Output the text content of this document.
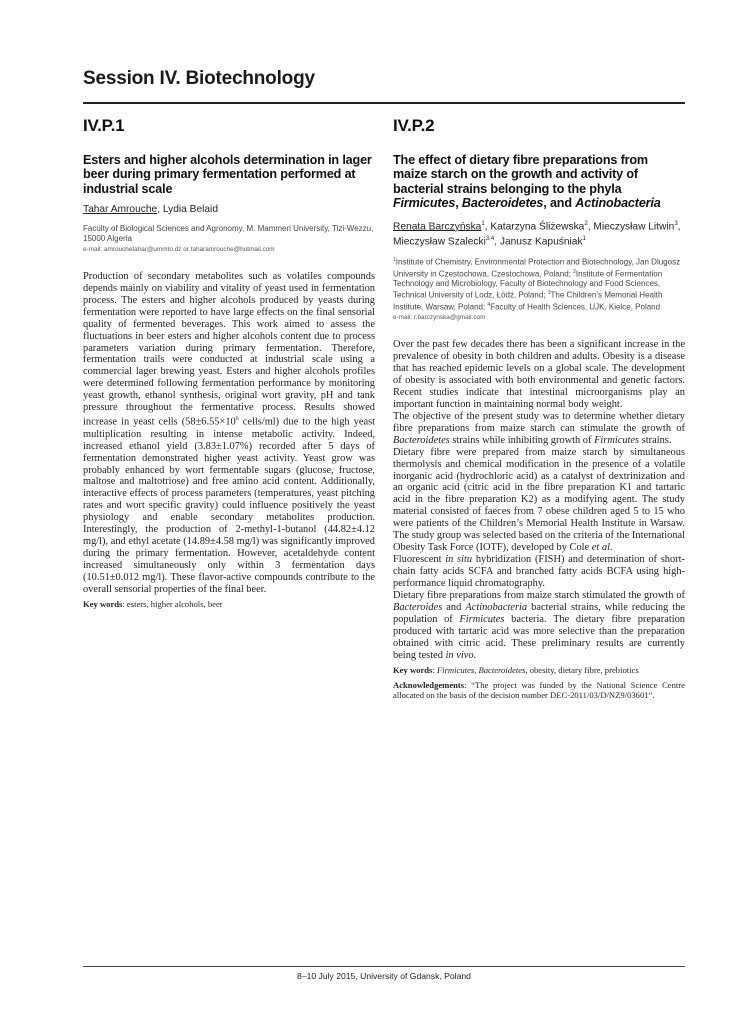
Session IV. Biotechnology
IV.P.1
Esters and higher alcohols determination in lager beer during primary fermentation performed at industrial scale
Tahar Amrouche, Lydia Belaid

Faculty of Biological Sciences and Agronomy, M. Mammeri University, Tizi-Wezzu, 15000 Algeria

e-mail: amrouchetahar@ummto.dz or taharamrouche@hotmail.com

Production of secondary metabolites such as volatiles compounds depends mainly on viability and vitality of yeast used in fermentation process. The esters and higher alcohols produced by yeasts during fermentation were reported to have large effects on the final sensorial quality of fermented beverages. This work aimed to assess the fluctuations in beer esters and higher alcohols content due to process parameters variation during primary fermentation. Therefore, fermentation trails were conducted at industrial scale using a commercial lager brewing yeast. Esters and higher alcohols profiles were determined following fermentation performance by monitoring yeast growth, ethanol synthesis, original wort gravity, pH and tank pressure throughout the fermentative process. Results showed increase in yeast cells ($58\pm 6.55\times 10^6$ cells/ml) due to the high yeast multiplication resulting in intense metabolic activity. Indeed, increased ethanol yield (3.83±1.07%) recorded after 5 days of fermentation demonstrated higher yeast activity. Yeast grow was probably enhanced by wort fermentable sugars (glucose, fructose, maltose and maltotriose) and free amino acid content. Additionally, interactive effects of process parameters (temperatures, yeast pitching rates and wort specific gravity) could influence positively the yeast physiology and enable secondary metabolites production. Interestingly, the production of 2-methyl-1-butanol (44.82±4.12 mg/l), and ethyl acetate (14.89±4.58 mg/l) was significantly improved during the primary fermentation. However, acetaldehyde content increased simultaneously only within 3 fermentation days (10.51±0.012 mg/l). These flavor-active compounds contribute to the overall sensorial properties of the final beer.

Key words: esters, higher alcohols, beer

IV.P.2
The effect of dietary fibre preparations from maize starch on the growth and activity of bacterial strains belonging to the phyla Firmicutes, Bacteroidetes, and Actinobacteria
Renata Barczyńska$^1$, Katarzyna Śliżewska$^2$, Mieczysław Litwin$^3$, Mieczysław Szalecki$^{3,4}$, Janusz Kapuśniak$^1$

$^1$Institute of Chemistry, Environmental Protection and Biotechnology, Jan Dlugosz University in Czestochowa, Czestochowa, Poland; $^2$Institute of Fermentation Technology and Microbiology, Faculty of Biotechnology and Food Sciences, Technical University of Lodz, Łódź, Poland; $^3$The Children’s Memorial Health Institute, Warsaw, Poland; $^4$Faculty of Health Sciences, UJK, Kielce, Poland

e-mail: r.barczynska@gmail.com

Over the past few decades there has been a significant increase in the prevalence of obesity in both children and adults. Obesity is a disease that has reached epidemic levels on a global scale. The development of obesity is associated with both environmental and genetic factors. Recent studies indicate that intestinal microorganisms play an important function in maintaining normal body weight.

The objective of the present study was to determine whether dietary fibre preparations from maize starch can stimulate the growth of Bacteroidetes strains while inhibiting growth of Firmicutes strains.

Dietary fibre were prepared from maize starch by simultaneous thermolysis and chemical modification in the presence of a volatile inorganic acid (hydrochloric acid) as a catalyst of dextrinization and an organic acid (citric acid in the fibre preparation K1 and tartaric acid in the fibre preparation K2) as a modifying agent. The study material consisted of faeces from 7 obese children aged 5 to 15 who were patients of the Children’s Memorial Health Institute in Warsaw. The study group was selected based on the criteria of the International Obesity Task Force (IOTF), developed by Cole et al.

Fluorescent in situ hybridization (FISH) and determination of short-chain fatty acids SCFA and branched fatty acids BCFA using high-performance liquid chromatography.

Dietary fibre preparations from maize starch stimulated the growth of Bacteroides and Actinobacteria bacterial strains, while reducing the population of Firmicutes bacteria. The dietary fibre preparation produced with tartaric acid was more selective than the preparation obtained with citric acid. These preliminary results are currently being tested in vivo.

Key words: Firmicutes, Bacteroidetes, obesity, dietary fibre, prebiotics

Acknowledgements: “The project was funded by the National Science Centre allocated on the basis of the decision number DEC-2011/03/D/NZ9/03601”.

8–10 July 2015, University of Gdansk, Poland
